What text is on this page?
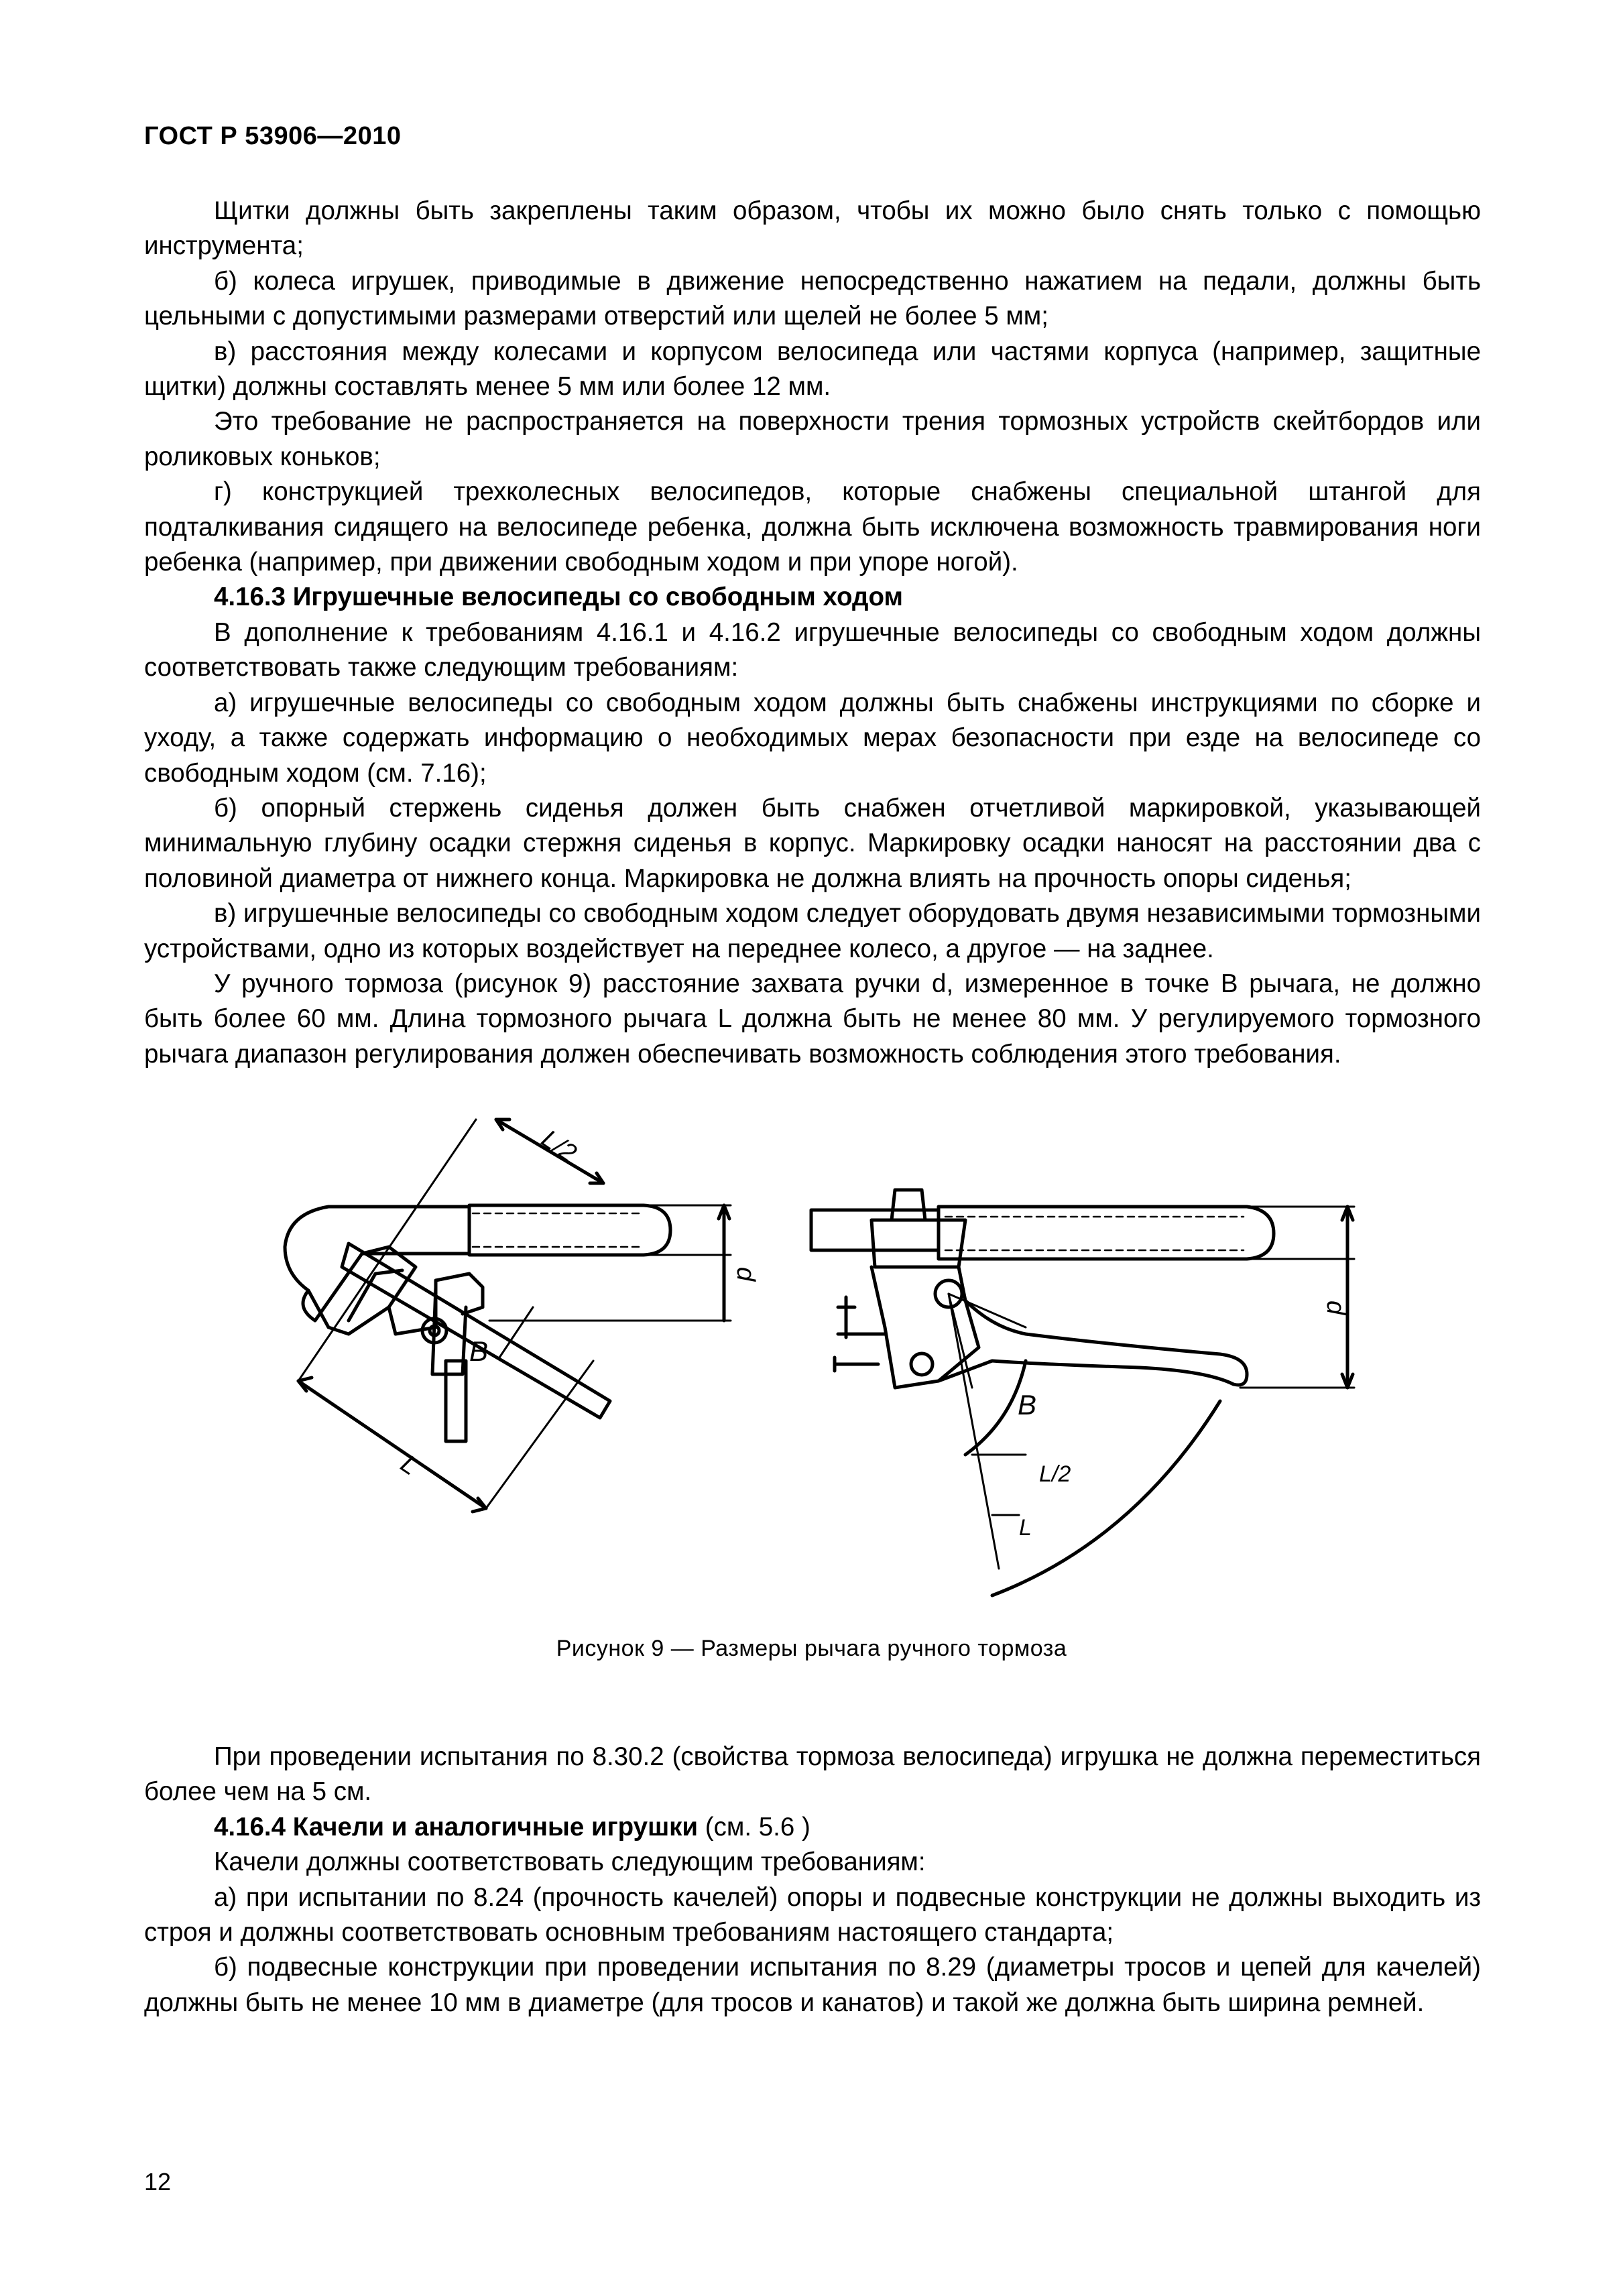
ГОСТ Р 53906—2010

Щитки должны быть закреплены таким образом, чтобы их можно было снять только с помощью инструмента;

б) колеса игрушек, приводимые в движение непосредственно нажатием на педали, должны быть цельными с допустимыми размерами отверстий или щелей не более 5 мм;

в) расстояния между колесами и корпусом велосипеда или частями корпуса (например, защитные щитки) должны составлять менее 5 мм или более 12 мм.

Это требование не распространяется на поверхности трения тормозных устройств скейтбордов или роликовых коньков;

г) конструкцией трехколесных велосипедов, которые снабжены специальной штангой для подталкивания сидящего на велосипеде ребенка, должна быть исключена возможность травмирования ноги ребенка (например, при движении свободным ходом и при упоре ногой).

4.16.3 Игрушечные велосипеды со свободным ходом

В дополнение к требованиям 4.16.1 и 4.16.2 игрушечные велосипеды со свободным ходом должны соответствовать также следующим требованиям:

а) игрушечные велосипеды со свободным ходом должны быть снабжены инструкциями по сборке и уходу, а также содержать информацию о необходимых мерах безопасности при езде на велосипеде со свободным ходом (см. 7.16);

б) опорный стержень сиденья должен быть снабжен отчетливой маркировкой, указывающей минимальную глубину осадки стержня сиденья в корпус. Маркировку осадки наносят на расстоянии два с половиной диаметра от нижнего конца. Маркировка не должна влиять на прочность опоры сиденья;

в) игрушечные велосипеды со свободным ходом следует оборудовать двумя независимыми тормозными устройствами, одно из которых воздействует на переднее колесо, а другое — на заднее.

У ручного тормоза (рисунок 9) расстояние захвата ручки d, измеренное в точке B рычага, не должно быть более 60 мм. Длина тормозного рычага L должна быть не менее 80 мм. У регулируемого тормозного рычага диапазон регулирования должен обеспечивать возможность соблюдения этого требования.

L/2
L
B
d
B
L/2
L
d
Рисунок 9 — Размеры рычага ручного тормоза

При проведении испытания по 8.30.2 (свойства тормоза велосипеда) игрушка не должна переместиться более чем на 5 см.

4.16.4 Качели и аналогичные игрушки (см. 5.6 )

Качели должны соответствовать следующим требованиям:

а) при испытании по 8.24 (прочность качелей) опоры и подвесные конструкции не должны выходить из строя и должны соответствовать основным требованиям настоящего стандарта;

б) подвесные конструкции при проведении испытания по 8.29 (диаметры тросов и цепей для качелей) должны быть не менее 10 мм в диаметре (для тросов и канатов) и такой же должна быть ширина ремней.

12
